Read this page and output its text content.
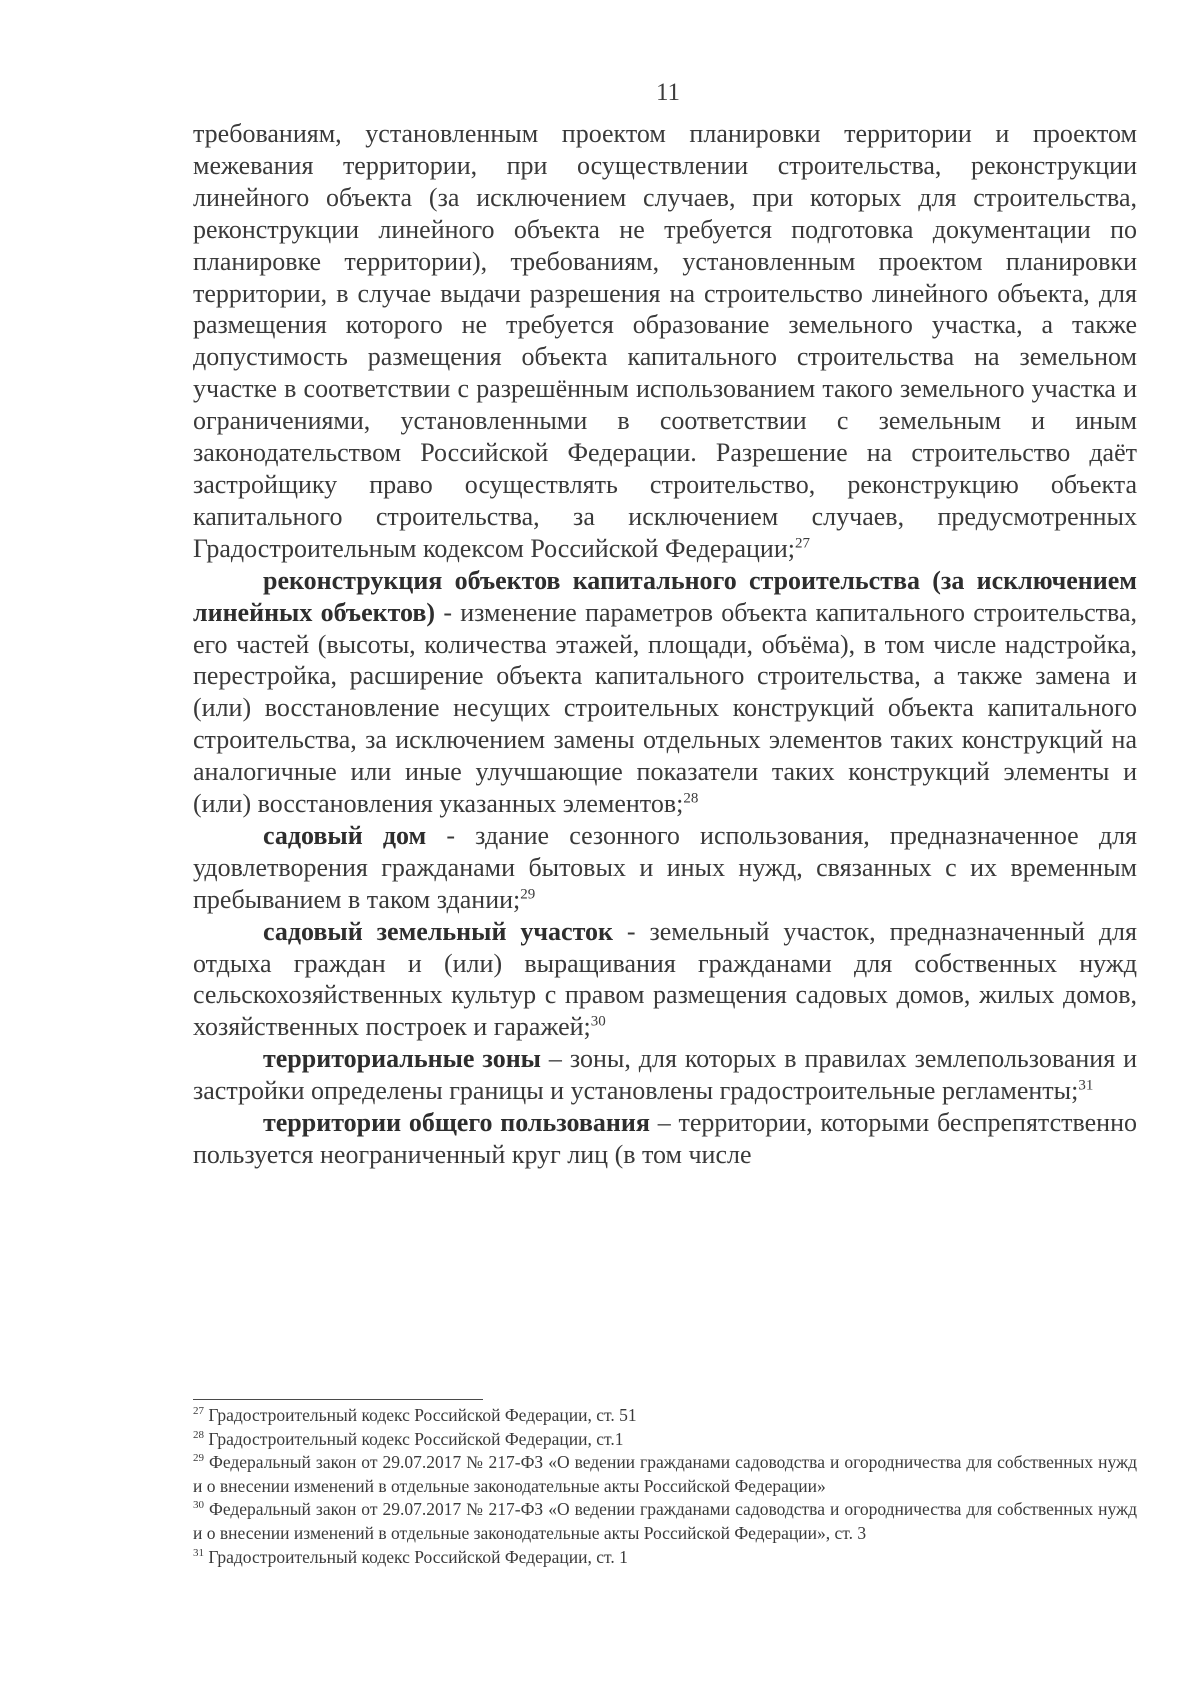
11

требованиям, установленным проектом планировки территории и проектом межевания территории, при осуществлении строительства, реконструкции линейного объекта (за исключением случаев, при которых для строительства, реконструкции линейного объекта не требуется подготовка документации по планировке территории), требованиям, установленным проектом планировки территории, в случае выдачи разрешения на строительство линейного объекта, для размещения которого не требуется образование земельного участка, а также допустимость размещения объекта капитального строительства на земельном участке в соответствии с разрешённым использованием такого земельного участка и ограничениями, установленными в соответствии с земельным и иным законодательством Российской Федерации. Разрешение на строительство даёт застройщику право осуществлять строительство, реконструкцию объекта капитального строительства, за исключением случаев, предусмотренных Градостроительным кодексом Российской Федерации;$^{27}$

реконструкция объектов капитального строительства (за исключением линейных объектов) - изменение параметров объекта капитального строительства, его частей (высоты, количества этажей, площади, объёма), в том числе надстройка, перестройка, расширение объекта капитального строительства, а также замена и (или) восстановление несущих строительных конструкций объекта капитального строительства, за исключением замены отдельных элементов таких конструкций на аналогичные или иные улучшающие показатели таких конструкций элементы и (или) восстановления указанных элементов;$^{28}$

садовый дом - здание сезонного использования, предназначенное для удовлетворения гражданами бытовых и иных нужд, связанных с их временным пребыванием в таком здании;$^{29}$

садовый земельный участок - земельный участок, предназначенный для отдыха граждан и (или) выращивания гражданами для собственных нужд сельскохозяйственных культур с правом размещения садовых домов, жилых домов, хозяйственных построек и гаражей;$^{30}$

территориальные зоны – зоны, для которых в правилах землепользования и застройки определены границы и установлены градостроительные регламенты;$^{31}$

территории общего пользования – территории, которыми беспрепятственно пользуется неограниченный круг лиц (в том числе

$^{27}$ Градостроительный кодекс Российской Федерации, ст. 51

$^{28}$ Градостроительный кодекс Российской Федерации, ст.1

$^{29}$ Федеральный закон от 29.07.2017 № 217-ФЗ «О ведении гражданами садоводства и огородничества для собственных нужд и о внесении изменений в отдельные законодательные акты Российской Федерации»

$^{30}$ Федеральный закон от 29.07.2017 № 217-ФЗ «О ведении гражданами садоводства и огородничества для собственных нужд и о внесении изменений в отдельные законодательные акты Российской Федерации», ст. 3

$^{31}$ Градостроительный кодекс Российской Федерации, ст. 1
